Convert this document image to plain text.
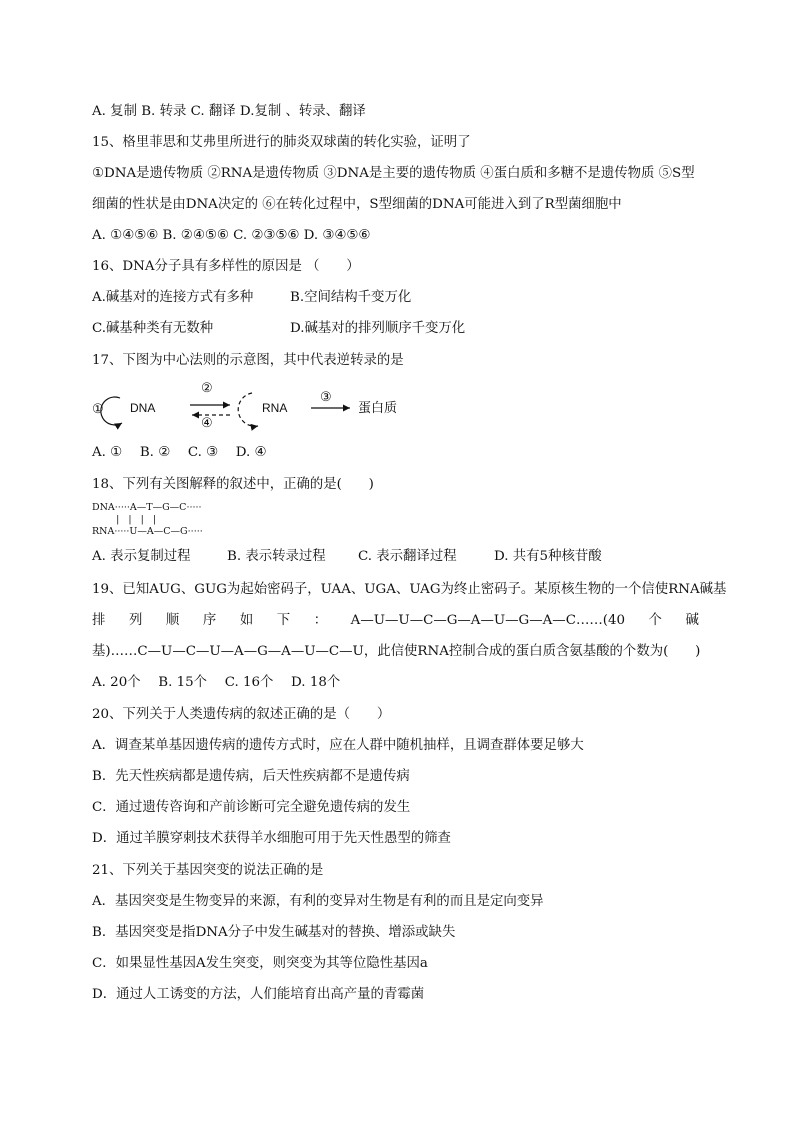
A. 复制 B. 转录 C. 翻译 D.复制 、转录、翻译
15、格里菲思和艾弗里所进行的肺炎双球菌的转化实验，证明了
①DNA是遗传物质 ②RNA是遗传物质 ③DNA是主要的遗传物质 ④蛋白质和多糖不是遗传物质 ⑤S型
细菌的性状是由DNA决定的 ⑥在转化过程中，S型细菌的DNA可能进入到了R型菌细胞中
A. ①④⑤⑥ B. ②④⑤⑥ C. ②③⑤⑥ D. ③④⑤⑥
16、DNA分子具有多样性的原因是 （　　）
A.碱基对的连接方式有多种	B.空间结构千变万化
C.碱基种类有无数种	D.碱基对的排列顺序千变万化
17、下图为中心法则的示意图，其中代表逆转录的是
① DNA
②
④
RNA
③
蛋白质
A. ①　 B. ②　 C. ③　 D. ④
18、下列有关图解释的叙述中，正确的是(　　)
DNA·····A—T—G—C·····
|   |   |   |
RNA·····U—A—C—G·····
A. 表示复制过程	B. 表示转录过程 C. 表示翻译过程	D. 共有5种核苷酸
19、已知AUG、GUG为起始密码子，UAA、UGA、UAG为终止密码子。某原核生物的一个信使RNA碱基
排 列 顺 序 如 下 ： A—U—U—C—G—A—U—G—A—C……(40 个 碱
基)……C—U—C—U—A—G—A—U—C—U，此信使RNA控制合成的蛋白质含氨基酸的个数为(　　)
A. 20个　 B. 15个　 C. 16个　 D. 18个
20、下列关于人类遗传病的叙述正确的是（　　）
A．调查某单基因遗传病的遗传方式时，应在人群中随机抽样，且调查群体要足够大
B．先天性疾病都是遗传病，后天性疾病都不是遗传病
C．通过遗传咨询和产前诊断可完全避免遗传病的发生
D．通过羊膜穿刺技术获得羊水细胞可用于先天性愚型的筛查
21、下列关于基因突变的说法正确的是
A．基因突变是生物变异的来源，有利的变异对生物是有利的而且是定向变异
B．基因突变是指DNA分子中发生碱基对的替换、增添或缺失
C．如果显性基因A发生突变，则突变为其等位隐性基因a
D．通过人工诱变的方法，人们能培育出高产量的青霉菌
